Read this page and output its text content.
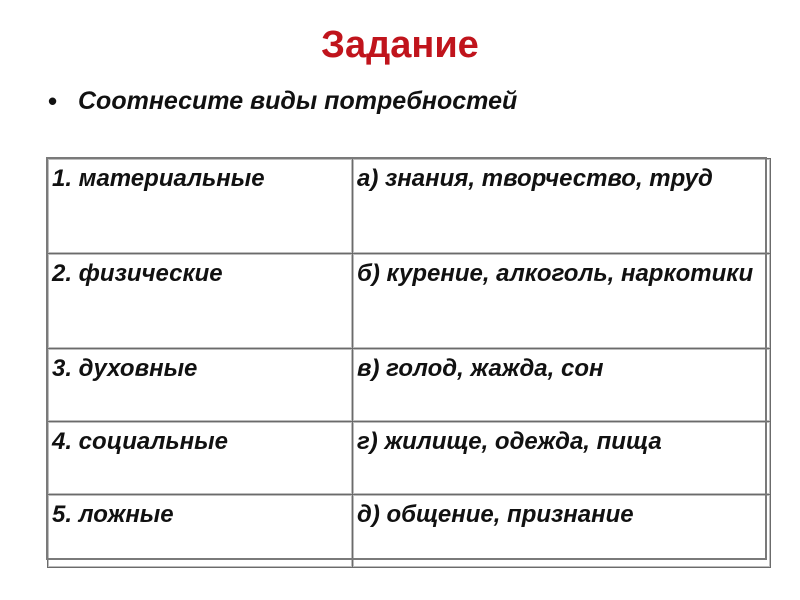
Задание
• Соотнесите виды потребностей
1. материальные	а) знания, творчество, труд
2. физические	б) курение, алкоголь, наркотики
3. духовные	в) голод, жажда, сон
4. социальные	г) жилище, одежда, пища
5. ложные	д) общение, признание
